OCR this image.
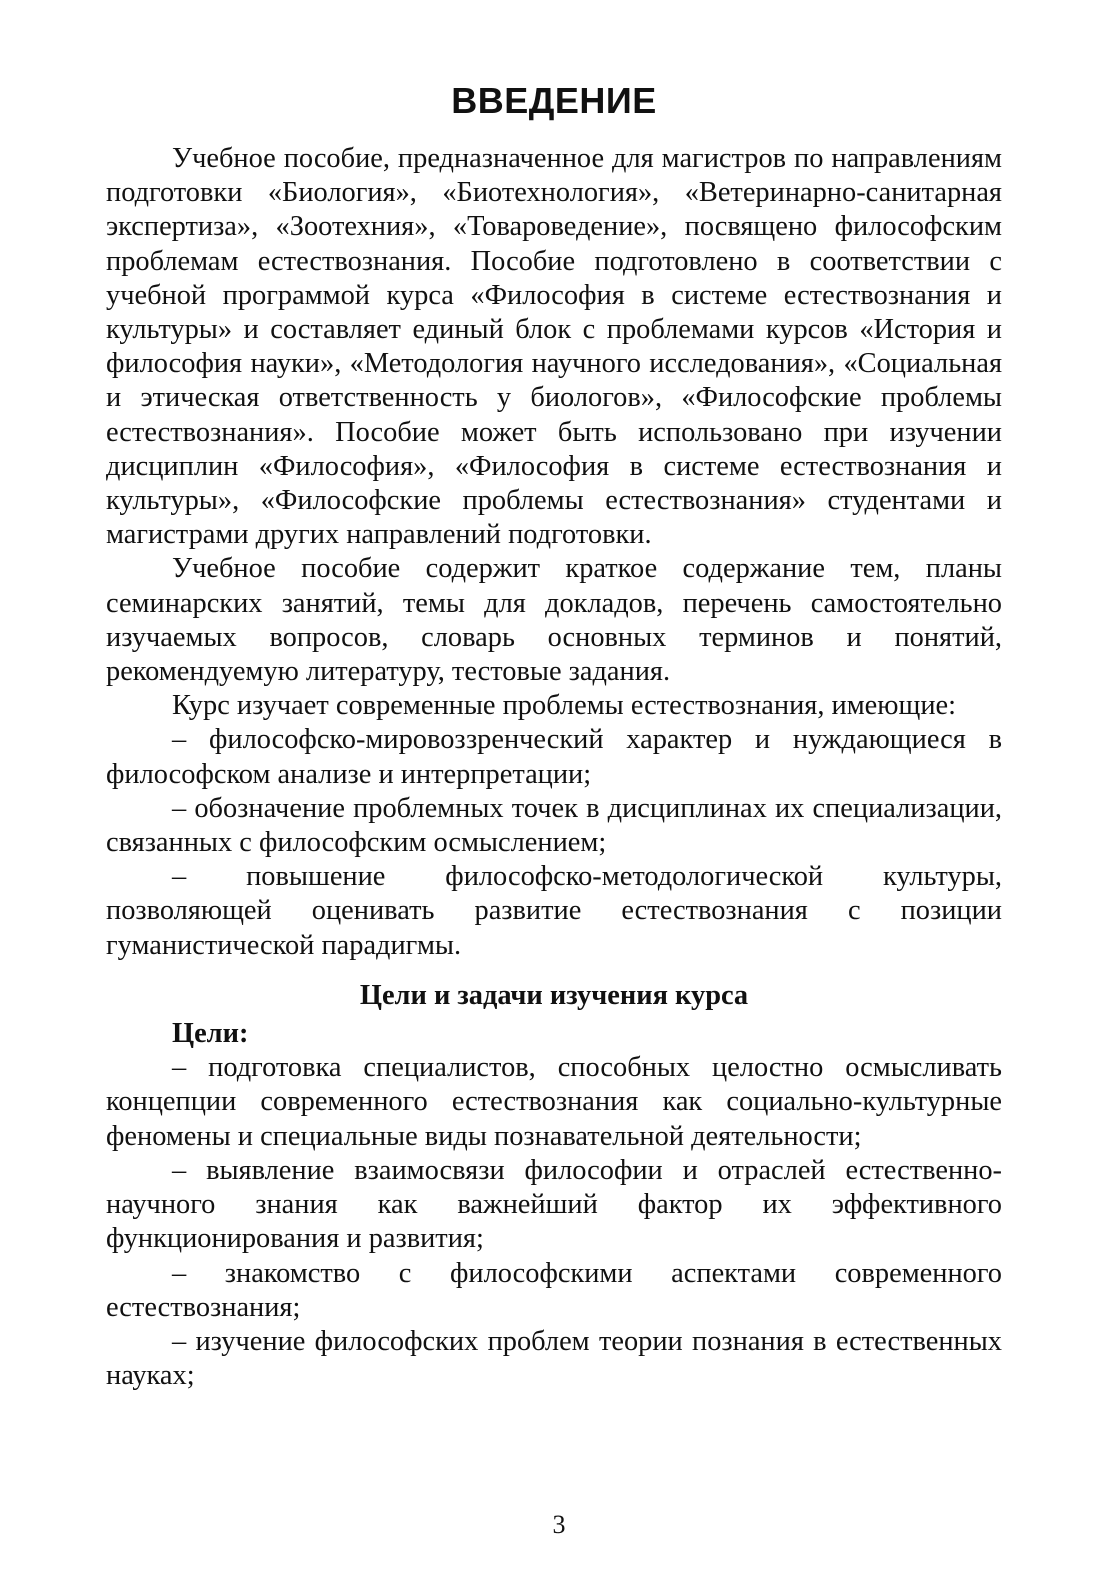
ВВЕДЕНИЕ

Учебное пособие, предназначенное для магистров по направлениям подготовки «Биология», «Биотехнология», «Ветеринарно-санитарная экспертиза», «Зоотехния», «Товароведение», посвящено философским проблемам естествознания. Пособие подготовлено в соответствии с учебной программой курса «Философия в системе естествознания и культуры» и составляет единый блок с проблемами курсов «История и философия науки», «Методология научного исследования», «Социальная и этическая ответственность у биологов», «Философские проблемы естествознания». Пособие может быть использовано при изучении дисциплин «Философия», «Философия в системе естествознания и культуры», «Философские проблемы естествознания» студентами и магистрами других направлений подготовки.

Учебное пособие содержит краткое содержание тем, планы семинарских занятий, темы для докладов, перечень самостоятельно изучаемых вопросов, словарь основных терминов и понятий, рекомендуемую литературу, тестовые задания.

Курс изучает современные проблемы естествознания, имеющие:

– философско-мировоззренческий характер и нуждающиеся в философском анализе и интерпретации;

– обозначение проблемных точек в дисциплинах их специализации, связанных с философским осмыслением;

– повышение философско-методологической культуры, позволяющей оценивать развитие естествознания с позиции гуманистической парадигмы.

Цели и задачи изучения курса
Цели:

– подготовка специалистов, способных целостно осмысливать концепции современного естествознания как социально-культурные феномены и специальные виды познавательной деятельности;

– выявление взаимосвязи философии и отраслей естественно-научного знания как важнейший фактор их эффективного функционирования и развития;

– знакомство с философскими аспектами современного естествознания;

– изучение философских проблем теории познания в естественных науках;

3
